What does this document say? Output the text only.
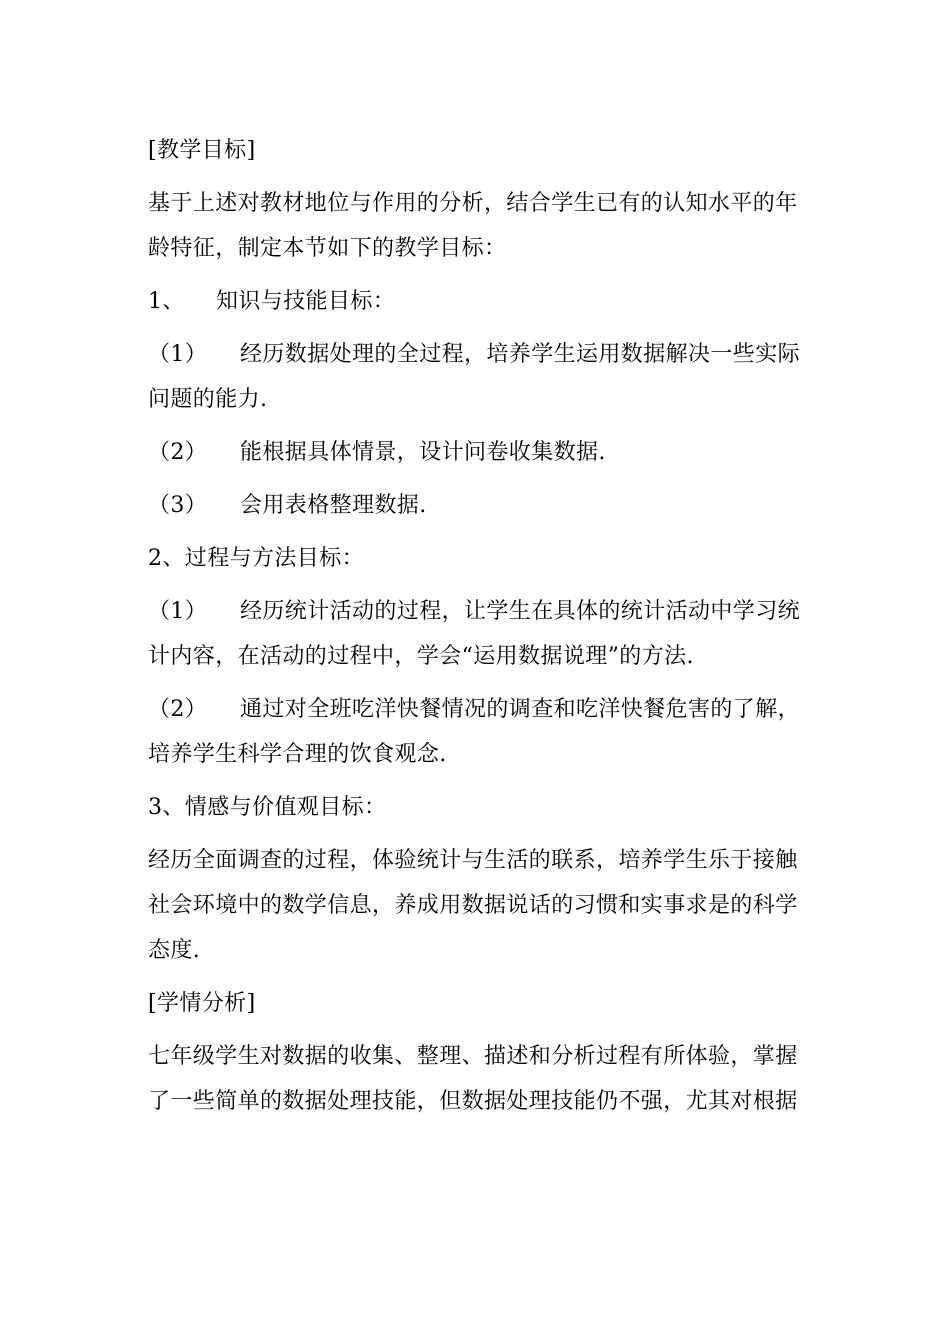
[教学目标]
基于上述对教材地位与作用的分析，结合学生已有的认知水平的年
龄特征，制定本节如下的教学目标：
1、 知识与技能目标：
（1） 经历数据处理的全过程，培养学生运用数据解决一些实际
问题的能力.
（2） 能根据具体情景，设计问卷收集数据.
（3） 会用表格整理数据.
2、过程与方法目标：
（1） 经历统计活动的过程，让学生在具体的统计活动中学习统
计内容，在活动的过程中，学会“运用数据说理”的方法.
（2） 通过对全班吃洋快餐情况的调查和吃洋快餐危害的了解，
培养学生科学合理的饮食观念.
3、情感与价值观目标：
经历全面调查的过程，体验统计与生活的联系，培养学生乐于接触
社会环境中的数学信息，养成用数据说话的习惯和实事求是的科学
态度.
[学情分析]
七年级学生对数据的收集、整理、描述和分析过程有所体验，掌握
了一些简单的数据处理技能，但数据处理技能仍不强，尤其对根据
